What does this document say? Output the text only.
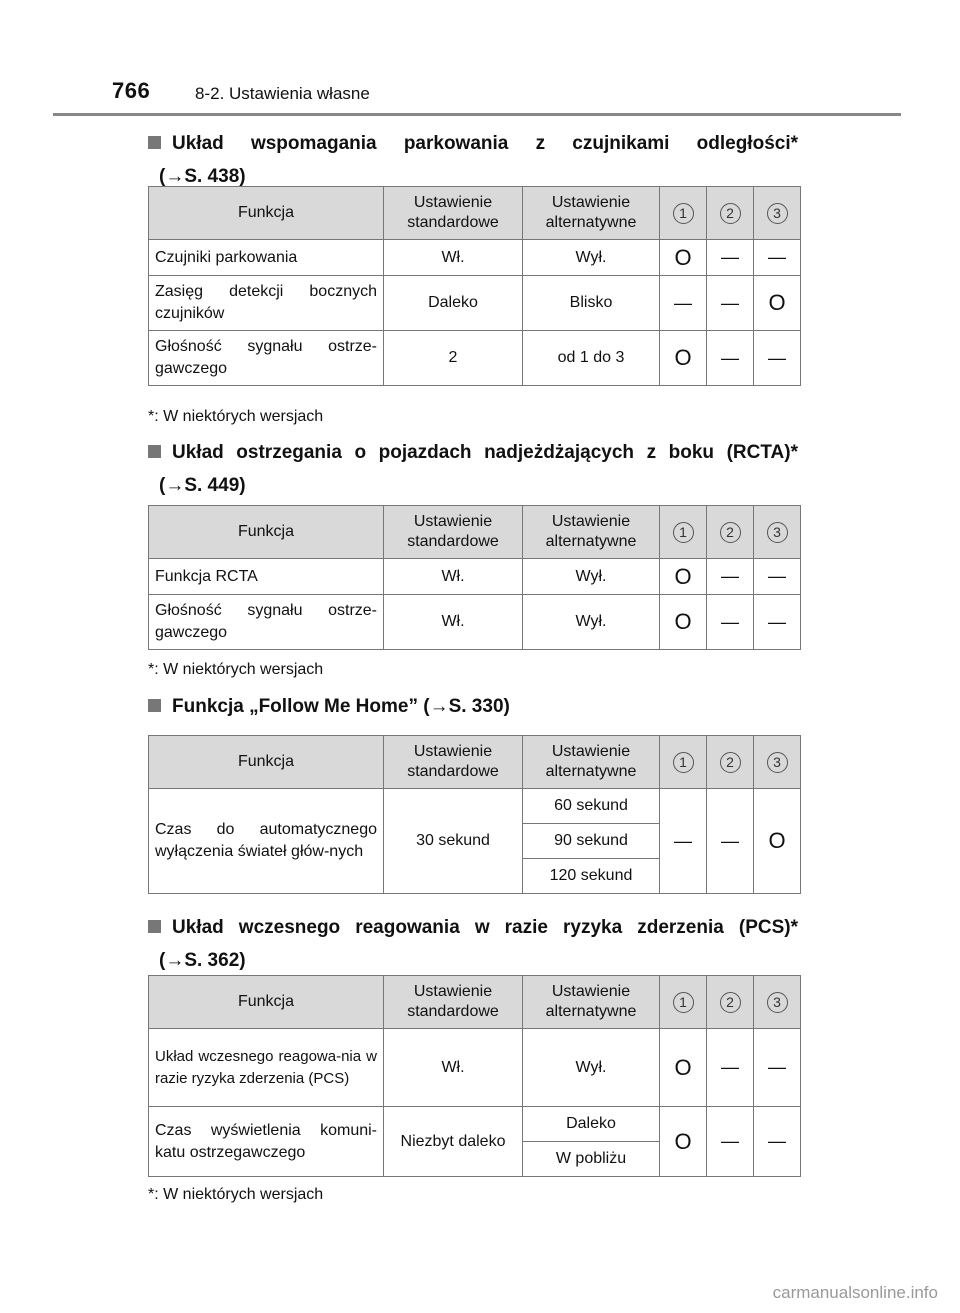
766	8-2. Ustawienia własne
Układ wspomagania parkowania z czujnikami odległości*
(→S. 438)
Funkcja	Ustawienie standardowe	Ustawienie alternatywne	1	2	3
Czujniki parkowania	Wł.	Wył.	O	—	—
Zasięg detekcji bocznych czujników	Daleko	Blisko	—	—	O
Głośność sygnału ostrze-gawczego	2	od 1 do 3	O	—	—
*: W niektórych wersjach
Układ ostrzegania o pojazdach nadjeżdżających z boku (RCTA)*
(→S. 449)
Funkcja	Ustawienie standardowe	Ustawienie alternatywne	1	2	3
Funkcja RCTA	Wł.	Wył.	O	—	—
Głośność sygnału ostrze-gawczego	Wł.	Wył.	O	—	—
*: W niektórych wersjach
Funkcja „Follow Me Home” (→S. 330)
Funkcja	Ustawienie standardowe	Ustawienie alternatywne	1	2	3
Czas do automatycznego wyłączenia świateł głów-nych	30 sekund	60 sekund	—	—	O
		90 sekund			
		120 sekund			
Układ wczesnego reagowania w razie ryzyka zderzenia (PCS)*
(→S. 362)
Funkcja	Ustawienie standardowe	Ustawienie alternatywne	1	2	3
Układ wczesnego reagowa-nia w razie ryzyka zderzenia (PCS)	Wł.	Wył.	O	—	—
Czas wyświetlenia komuni-katu ostrzegawczego	Niezbyt daleko	Daleko	O	—	—
		W pobliżu			
*: W niektórych wersjach
carmanualsonline.info
